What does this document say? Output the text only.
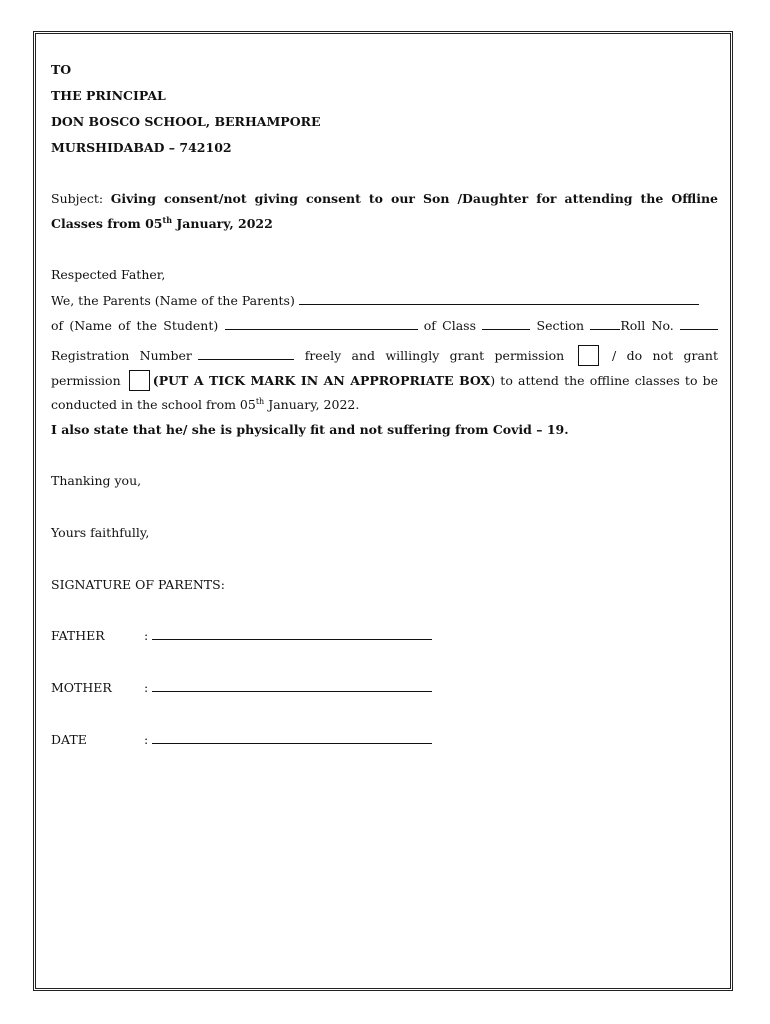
TO
THE PRINCIPAL
DON BOSCO SCHOOL, BERHAMPORE
MURSHIDABAD – 742102
Subject: Giving consent/not giving consent to our Son /Daughter for attending the Offline
Classes from 05th January, 2022
Respected Father,
We, the Parents (Name of the Parents)
of (Name of the Student)	of Class	Section	Roll No.
Registration Number	freely and willingly grant permission	/ do not grant
permission	(PUT A TICK MARK IN AN APPROPRIATE BOX) to attend the offline classes to be
conducted in the school from 05th January, 2022.
I also state that he/ she is physically fit and not suffering from Covid – 19.
Thanking you,
Yours faithfully,
SIGNATURE OF PARENTS:
FATHER	:
MOTHER	:
DATE	:
